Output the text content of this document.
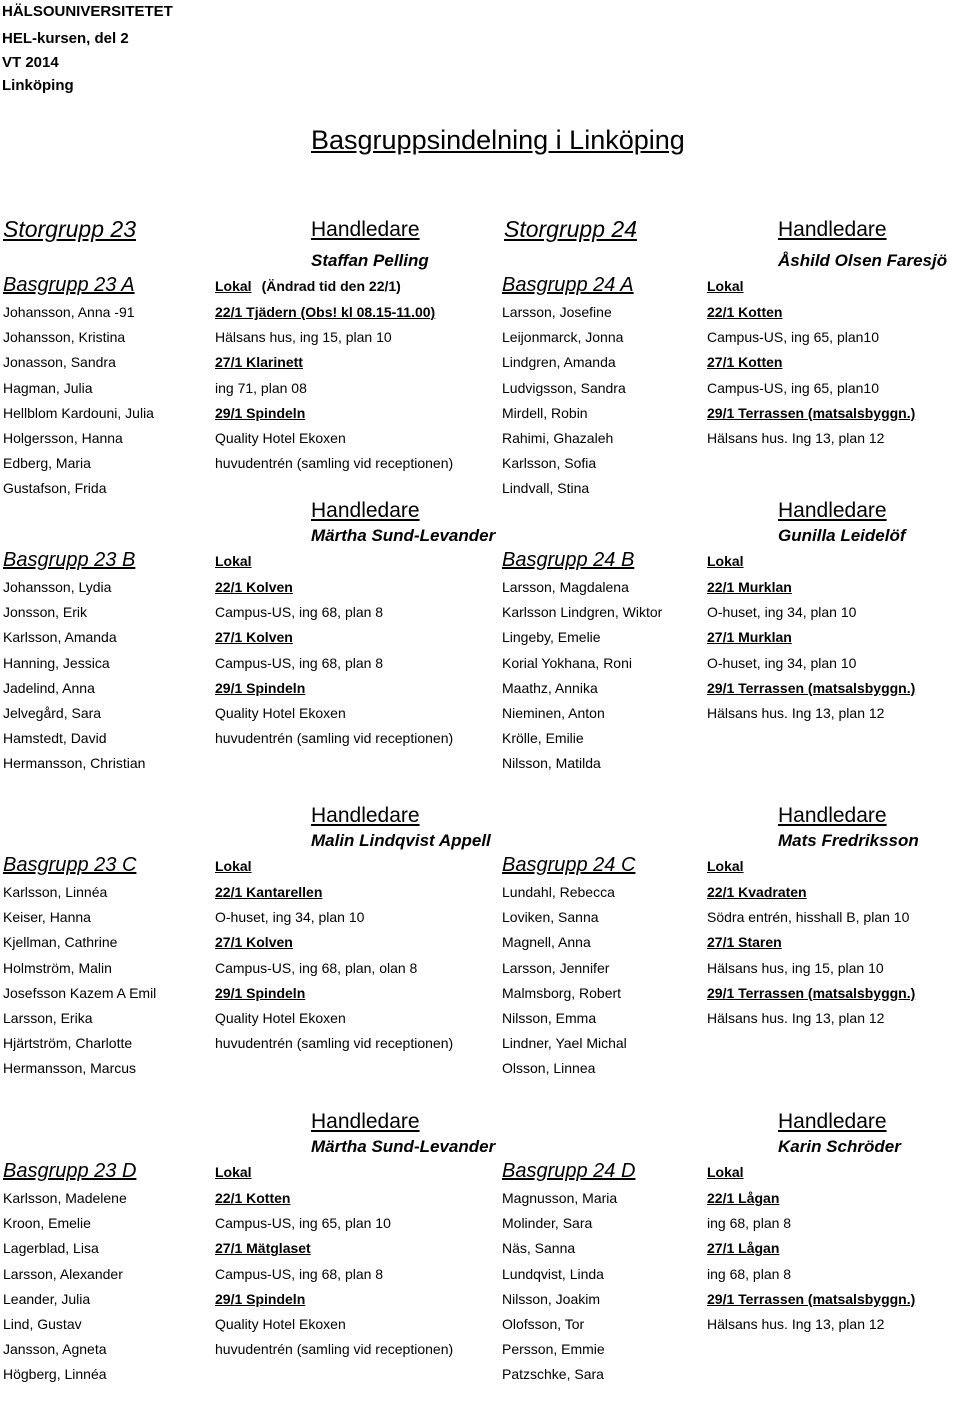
HÄLSOUNIVERSITETET
HEL-kursen, del 2
VT 2014
Linköping
Basgruppsindelning i Linköping
Storgrupp 23	Handledare	Storgrupp 24	Handledare
Staffan Pelling
Basgrupp 23 A	Lokal (Ändrad tid den 22/1)
Johansson, Anna -91	22/1 Tjädern (Obs! kl 08.15-11.00)
Johansson, Kristina	Hälsans hus, ing 15, plan 10
Jonasson, Sandra	27/1 Klarinett
Hagman, Julia	ing 71, plan 08
Hellblom Kardouni, Julia	29/1 Spindeln
Holgersson, Hanna	Quality Hotel Ekoxen
Edberg, Maria	huvudentrén (samling vid receptionen)
Gustafson, Frida
Åshild Olsen Faresjö
Basgrupp 24 A	Lokal
Larsson, Josefine	22/1 Kotten
Leijonmarck, Jonna	Campus-US, ing 65, plan10
Lindgren, Amanda	27/1 Kotten
Ludvigsson, Sandra	Campus-US, ing 65, plan10
Mirdell, Robin	29/1 Terrassen (matsalsbyggn.)
Rahimi, Ghazaleh	Hälsans hus. Ing 13, plan 12
Karlsson, Sofia
Lindvall, Stina
Handledare
Märtha Sund-Levander
Basgrupp 23 B	Lokal
Johansson, Lydia	22/1 Kolven
Jonsson, Erik	Campus-US, ing 68, plan 8
Karlsson, Amanda	27/1 Kolven
Hanning, Jessica	Campus-US, ing 68, plan 8
Jadelind, Anna	29/1 Spindeln
Jelvegård, Sara	Quality Hotel Ekoxen
Hamstedt, David	huvudentrén (samling vid receptionen)
Hermansson, Christian
Handledare
Gunilla Leidelöf
Basgrupp 24 B	Lokal
Larsson, Magdalena	22/1 Murklan
Karlsson Lindgren, Wiktor	O-huset, ing 34, plan 10
Lingeby, Emelie	27/1 Murklan
Korial Yokhana, Roni	O-huset, ing 34, plan 10
Maathz, Annika	29/1 Terrassen (matsalsbyggn.)
Nieminen, Anton	Hälsans hus. Ing 13, plan 12
Krölle, Emilie
Nilsson, Matilda
Handledare
Malin Lindqvist Appell
Basgrupp 23 C	Lokal
Karlsson, Linnéa	22/1 Kantarellen
Keiser, Hanna	O-huset, ing 34, plan 10
Kjellman, Cathrine	27/1 Kolven
Holmström, Malin	Campus-US, ing 68, plan, olan 8
Josefsson Kazem A Emil	29/1 Spindeln
Larsson, Erika	Quality Hotel Ekoxen
Hjärtström, Charlotte	huvudentrén (samling vid receptionen)
Hermansson, Marcus
Handledare
Mats Fredriksson
Basgrupp 24 C	Lokal
Lundahl, Rebecca	22/1 Kvadraten
Loviken, Sanna	Södra entrén, hisshall B, plan 10
Magnell, Anna	27/1 Staren
Larsson, Jennifer	Hälsans hus, ing 15, plan 10
Malmsborg, Robert	29/1 Terrassen (matsalsbyggn.)
Nilsson, Emma	Hälsans hus. Ing 13, plan 12
Lindner, Yael Michal
Olsson, Linnea
Handledare
Märtha Sund-Levander
Basgrupp 23 D	Lokal
Karlsson, Madelene	22/1 Kotten
Kroon, Emelie	Campus-US, ing 65, plan 10
Lagerblad, Lisa	27/1 Mätglaset
Larsson, Alexander	Campus-US, ing 68, plan 8
Leander, Julia	29/1 Spindeln
Lind, Gustav	Quality Hotel Ekoxen
Jansson, Agneta	huvudentrén (samling vid receptionen)
Högberg, Linnéa
Handledare
Karin Schröder
Basgrupp 24 D	Lokal
Magnusson, Maria	22/1 Lågan
Molinder, Sara	ing 68, plan 8
Näs, Sanna	27/1 Lågan
Lundqvist, Linda	ing 68, plan 8
Nilsson, Joakim	29/1 Terrassen (matsalsbyggn.)
Olofsson, Tor	Hälsans hus. Ing 13, plan 12
Persson, Emmie
Patzschke, Sara
